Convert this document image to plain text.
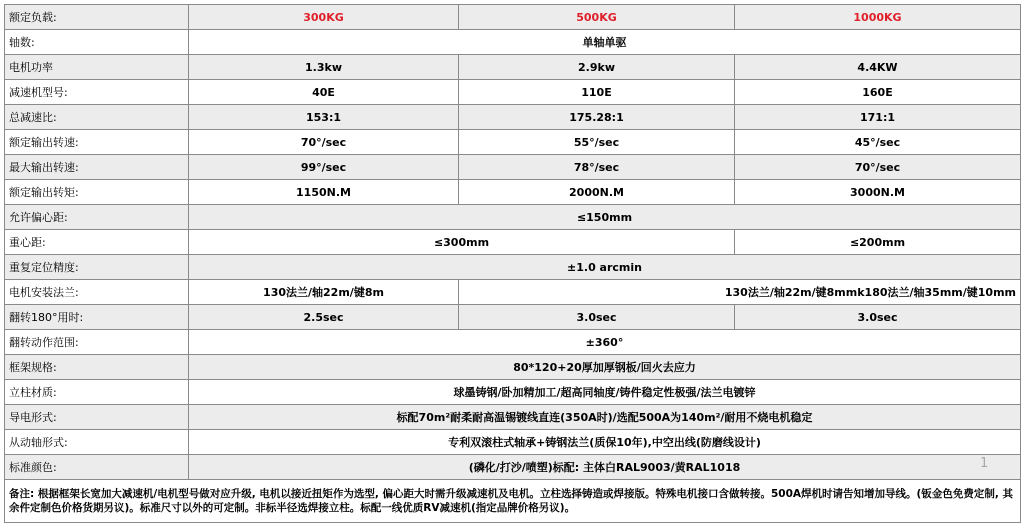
额定负载:	300KG	500KG	1000KG
轴数:	单轴单驱		
电机功率	1.3kw	2.9kw	4.4KW
减速机型号:	40E	110E	160E
总减速比:	153:1	175.28:1	171:1
额定输出转速:	70°/sec	55°/sec	45°/sec
最大输出转速:	99°/sec	78°/sec	70°/sec
额定输出转矩:	1150N.M	2000N.M	3000N.M
允许偏心距:	≤150mm		
重心距:	≤300mm		≤200mm
重复定位精度:	±1.0 arcmin		
电机安装法兰:	130法兰/轴22m/键8m	130法兰/轴22m/键8mmk180法兰/轴35mm/键10mm	
翻转180°用时:	2.5sec	3.0sec	3.0sec
翻转动作范围:	±360°		
框架规格:	80*120+20厚加厚钢板/回火去应力		
立柱材质:	球墨铸钢/卧加精加工/超高同轴度/铸件稳定性极强/法兰电镀锌		
导电形式:	标配70m²耐柔耐高温锡镀线直连(350A时)/选配500A为140m²/耐用不烧电机稳定		
从动轴形式:	专利双滚柱式轴承+铸钢法兰(质保10年),中空出线(防磨线设计)		
标准颜色:	(磷化/打沙/喷塑)标配: 主体白RAL9003/黄RAL1018		
备注: 根据框架长宽加大减速机/电机型号做对应升级, 电机以接近扭矩作为选型, 偏心距大时需升级减速机及电机。立柱选择铸造或焊接版。特殊电机接口含做转接。500A焊机时请告知增加导线。(钣金色免费定制, 其余件定制色价格货期另议)。标准尺寸以外的可定制。非标半径选焊接立柱。标配一线优质RV减速机(指定品牌价格另议)。			
1
